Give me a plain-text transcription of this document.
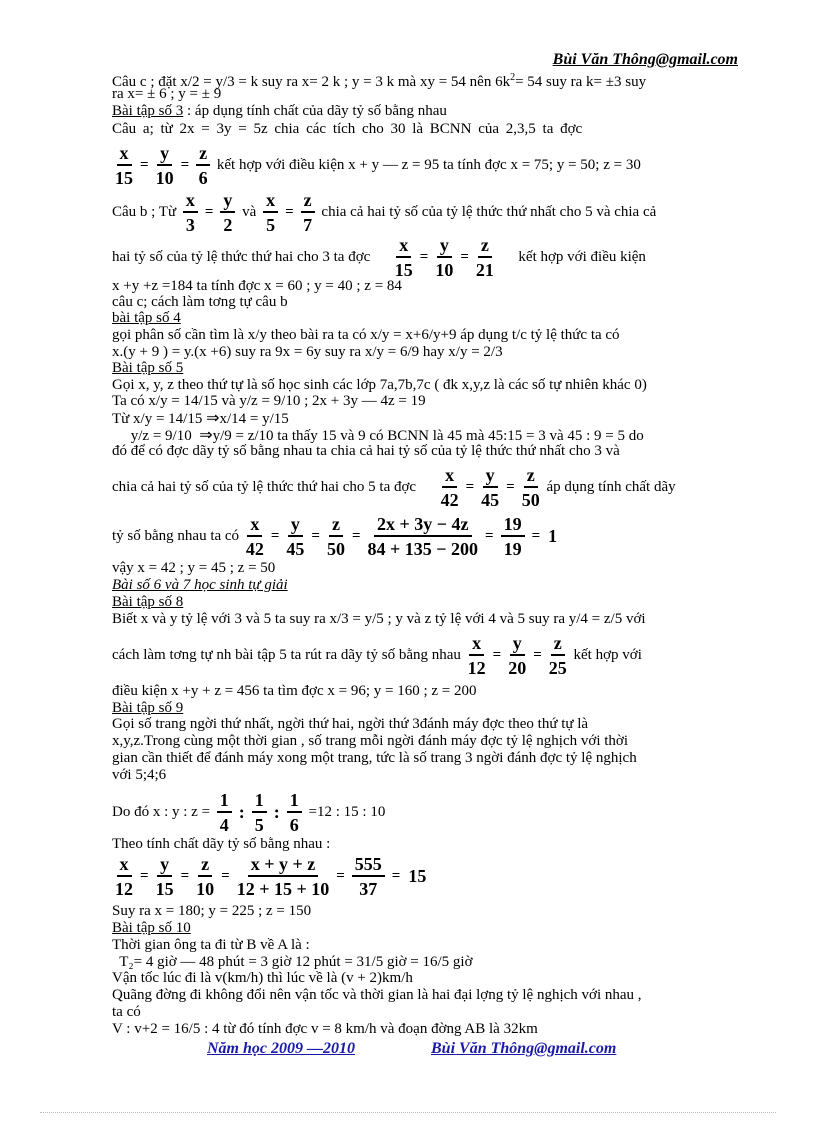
Bùi Văn Thông@gmail.com
Câu c ; đặt x/2 = y/3 = k suy ra x= 2 k ; y = 3 k mà xy = 54 nên $6k^2= 54$ suy ra k= ±3 suy
ra x= ± 6 ; y = ± 9
Bài tập số 3 : áp dụng tính chất của dãy tỷ số bằng nhau
Câu a; từ 2x = 3y = 5z chia các tích cho 30 là BCNN của 2,3,5 ta đợc
$\frac{x}{15} = \frac{y}{10} = \frac{z}{6}$ kết hợp với điều kiện x + y — z = 95 ta tính đợc x = 75; y = 50; z = 30
Câu b ; Từ $\frac{x}{3} = \frac{y}{2}$ và $\frac{x}{5} = \frac{z}{7}$ chia cả hai tỷ số của tỷ lệ thức thứ nhất cho 5 và chia cả
hai tỷ số của tỷ lệ thức thứ hai cho 3 ta đợc $\frac{x}{15} = \frac{y}{10} = \frac{z}{21}$ kết hợp với điều kiện
x +y +z =184 ta tính đợc x = 60 ; y = 40 ; z = 84
câu c; cách làm tơng tự câu b
bài tập số 4
gọi phân số cần tìm là x/y theo bài ra ta có x/y = x+6/y+9 áp dụng t/c tỷ lệ thức ta có
x.(y + 9 ) = y.(x +6) suy ra 9x = 6y suy ra x/y = 6/9 hay x/y = 2/3
Bài tập số 5
Gọi x, y, z theo thứ tự là số học sinh các lớp 7a,7b,7c ( đk x,y,z là các số tự nhiên khác 0)
Ta có x/y = 14/15 và y/z = 9/10 ; 2x + 3y — 4z = 19
Từ x/y = 14/15 ⇒x/14 = y/15
y/z = 9/10  ⇒y/9 = z/10 ta thấy 15 và 9 có BCNN là 45 mà 45:15 = 3 và 45 : 9 = 5 do
đó để có đợc dãy tỷ số bằng nhau ta chia cả hai tỷ số của tỷ lệ thức thứ nhất cho 3 và
chia cả hai tỷ số của tỷ lệ thức thứ hai cho 5 ta đợc $\frac{x}{42} = \frac{y}{45} = \frac{z}{50}$ áp dụng tính chất dãy
tỷ số bằng nhau ta có $\frac{x}{42} = \frac{y}{45} = \frac{z}{50} = \frac{2x + 3y - 4z}{84 + 135 - 200} = \frac{19}{19} = 1$
vậy x = 42 ; y = 45 ; z = 50
Bài số 6 và 7 học sinh tự giải
Bài tập số 8
Biết x và y tỷ lệ với 3 và 5 ta suy ra x/3 = y/5 ; y và z tỷ lệ với 4 và 5 suy ra y/4 = z/5 với
cách làm tơng tự nh bài tập 5 ta rút ra dãy tỷ số bằng nhau $\frac{x}{12} = \frac{y}{20} = \frac{z}{25}$ kết hợp với
điều kiện x +y + z = 456 ta tìm đợc x = 96; y = 160 ; z = 200
Bài tập số 9
Gọi số trang ngời thứ nhất, ngời thứ hai, ngời thứ 3đánh máy đợc theo thứ tự là
x,y,z.Trong cùng một thời gian , số trang mỗi ngời đánh máy đợc tỷ lệ nghịch với thời
gian cần thiết để đánh máy xong một trang, tức là số trang 3 ngời đánh đợc tỷ lệ nghịch
với 5;4;6
Do đó x : y : $z = \frac{1}{4}$ : $\frac{1}{5}$ : $\frac{1}{6} =12$ : 15 : 10
Theo tính chất dãy tỷ số bằng nhau :
$\frac{x}{12} = \frac{y}{15} = \frac{z}{10} = \frac{x + y + z}{12 + 15 + 10} = \frac{555}{37} = 15$
Suy ra x = 180; y = 225 ; z = 150
Bài tập số 10
Thời gian ông ta đi từ B về A là :
T₂= 4 giờ — 48 phút = 3 giờ 12 phút = 31/5 giờ = 16/5 giờ
Vận tốc lúc đi là v(km/h) thì lúc về là (v + 2)km/h
Quãng đờng đi không đổi nên vận tốc và thời gian là hai đại lợng tỷ lệ nghịch với nhau ,
ta có
V : v+2 = 16/5 : 4 từ đó tính đợc v = 8 km/h và đoạn đờng AB là 32km
Năm học 2009 —2010	Bùi Văn Thông@gmail.com
